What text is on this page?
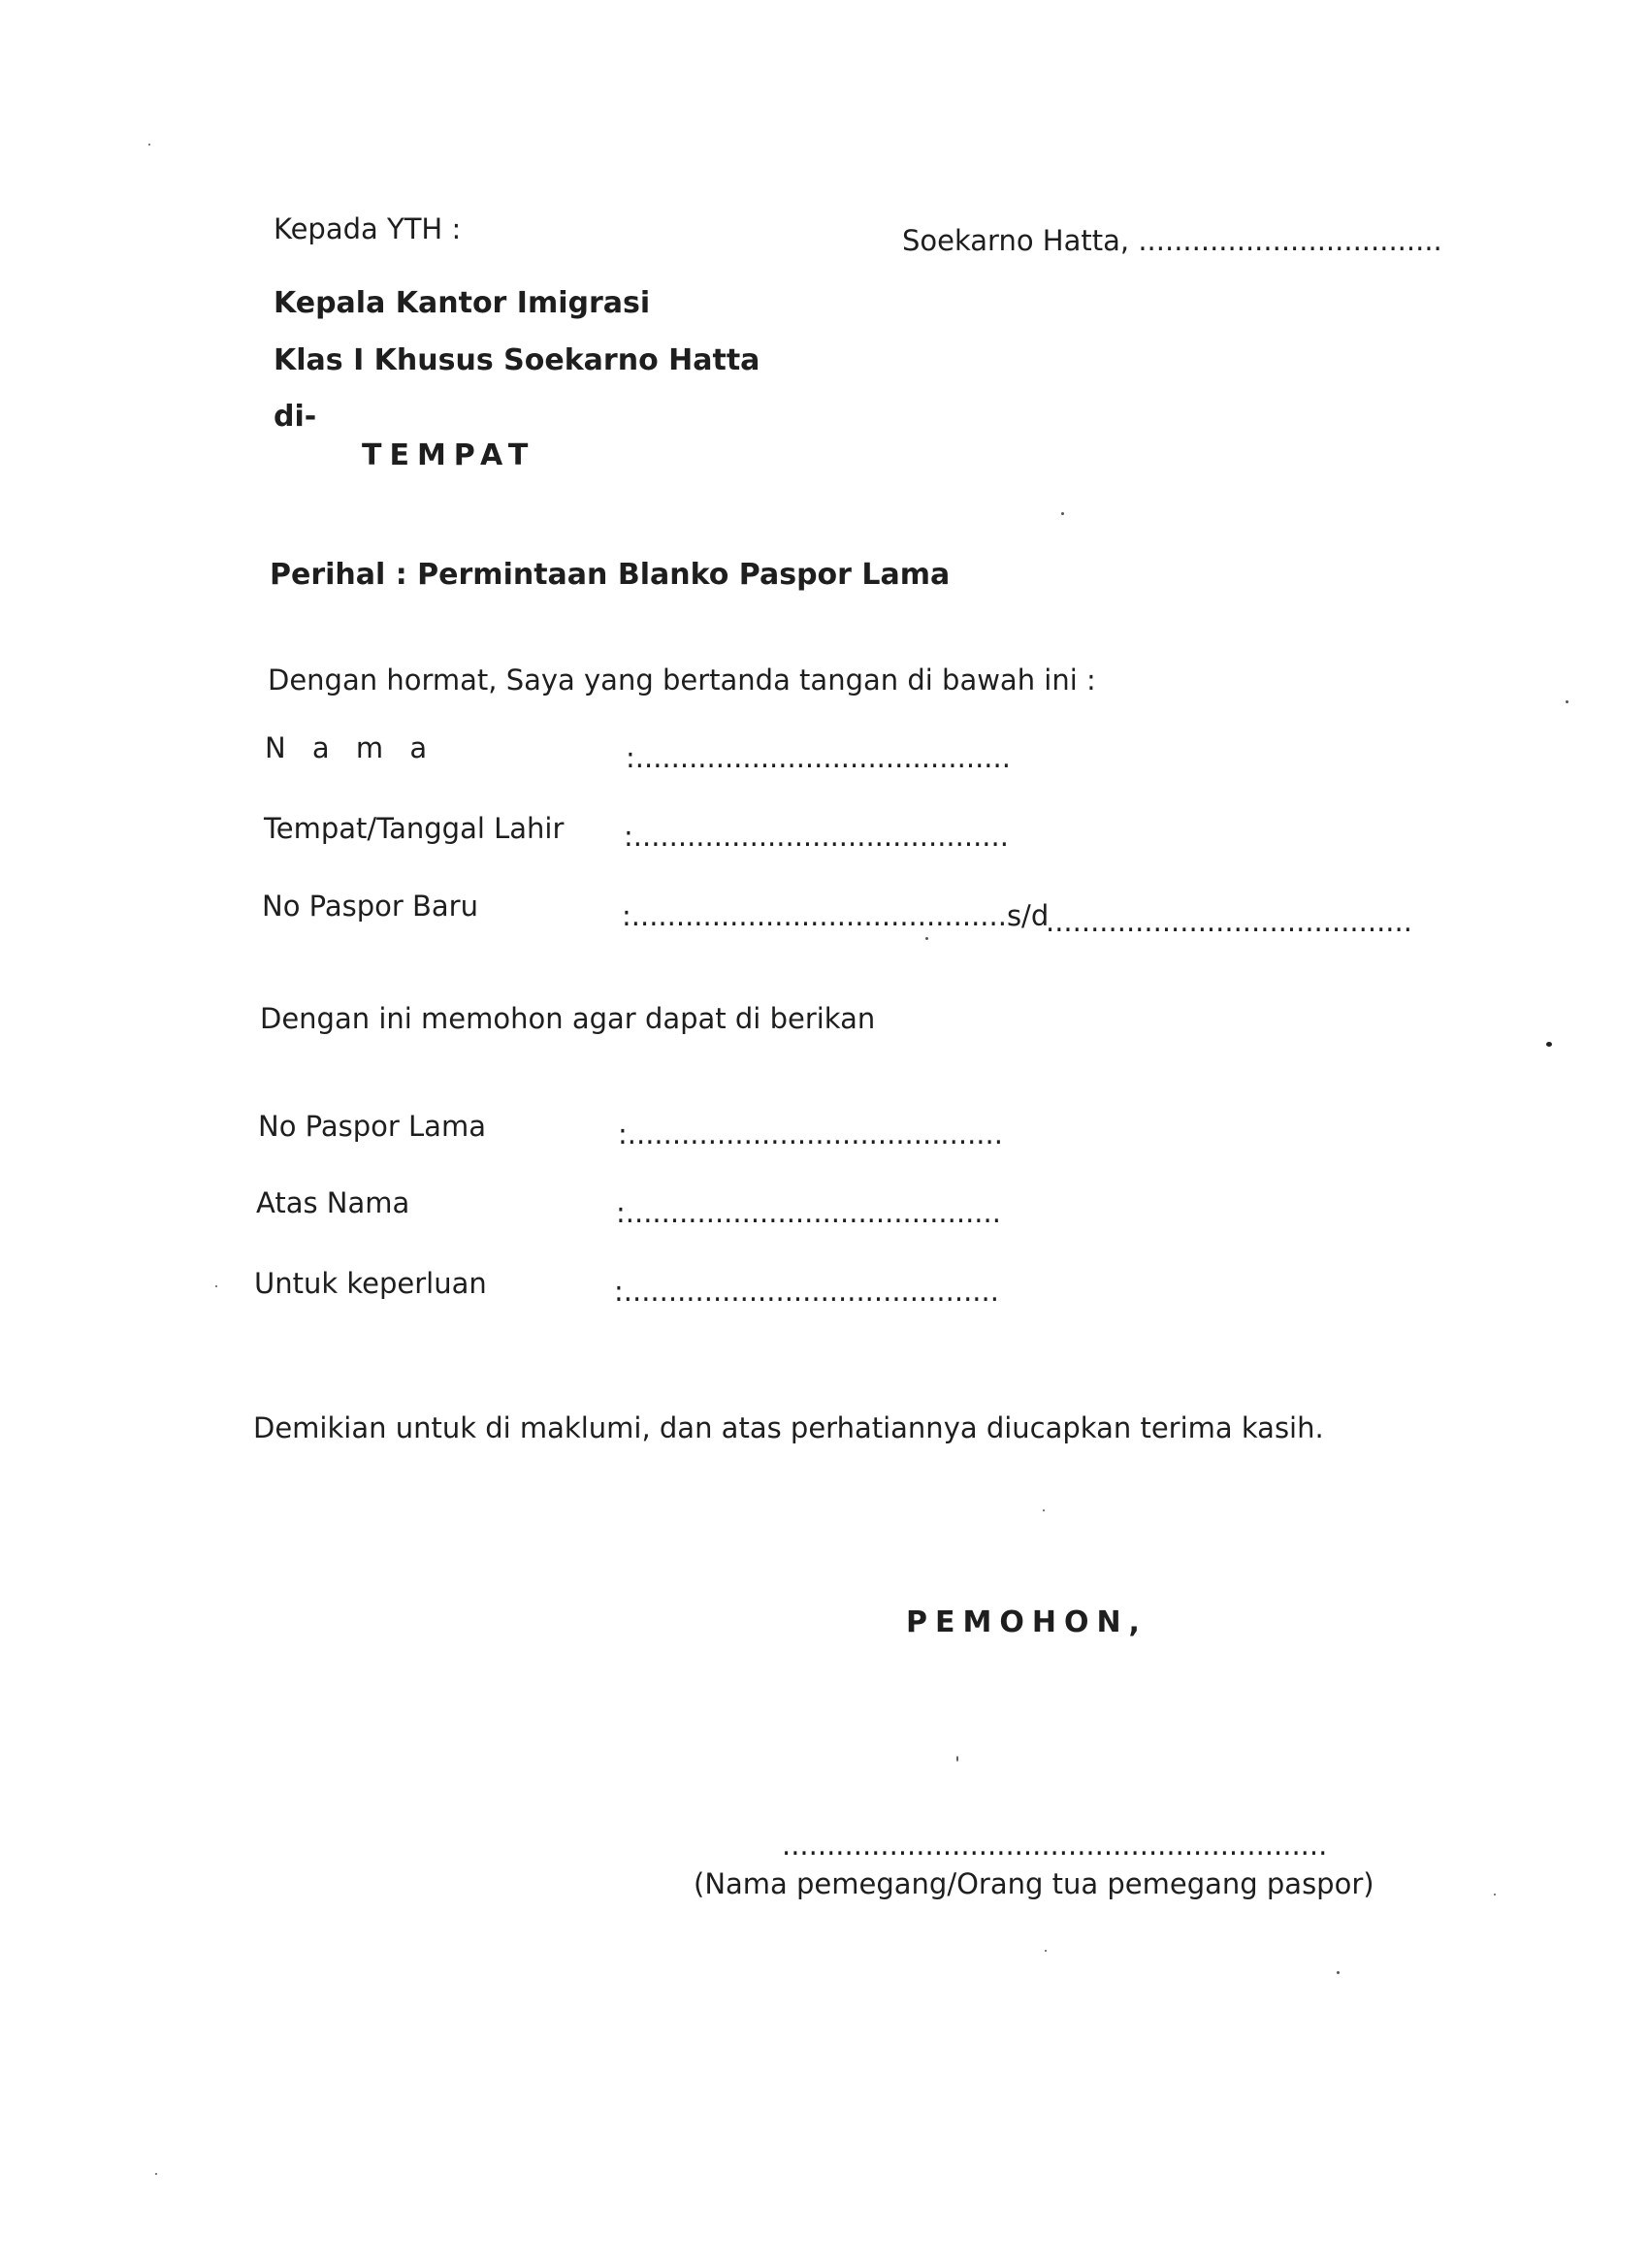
Kepada YTH :	Soekarno Hatta, ..................................
Kepala Kantor Imigrasi
Klas I Khusus Soekarno Hatta
di-
TEMPAT
Perihal : Permintaan Blanko Paspor Lama
Dengan hormat, Saya yang bertanda tangan di bawah ini :
N a m a	:..........................................
Tempat/Tanggal Lahir :..........................................
No Paspor Baru	:..........................................s/d
.........................................
Dengan ini memohon agar dapat di berikan
No Paspor Lama	:..........................................
Atas Nama	:..........................................
Untuk keperluan	:..........................................
Demikian untuk di maklumi, dan atas perhatiannya diucapkan terima kasih.
PEMOHON,
.............................................................
(Nama pemegang/Orang tua pemegang paspor)
